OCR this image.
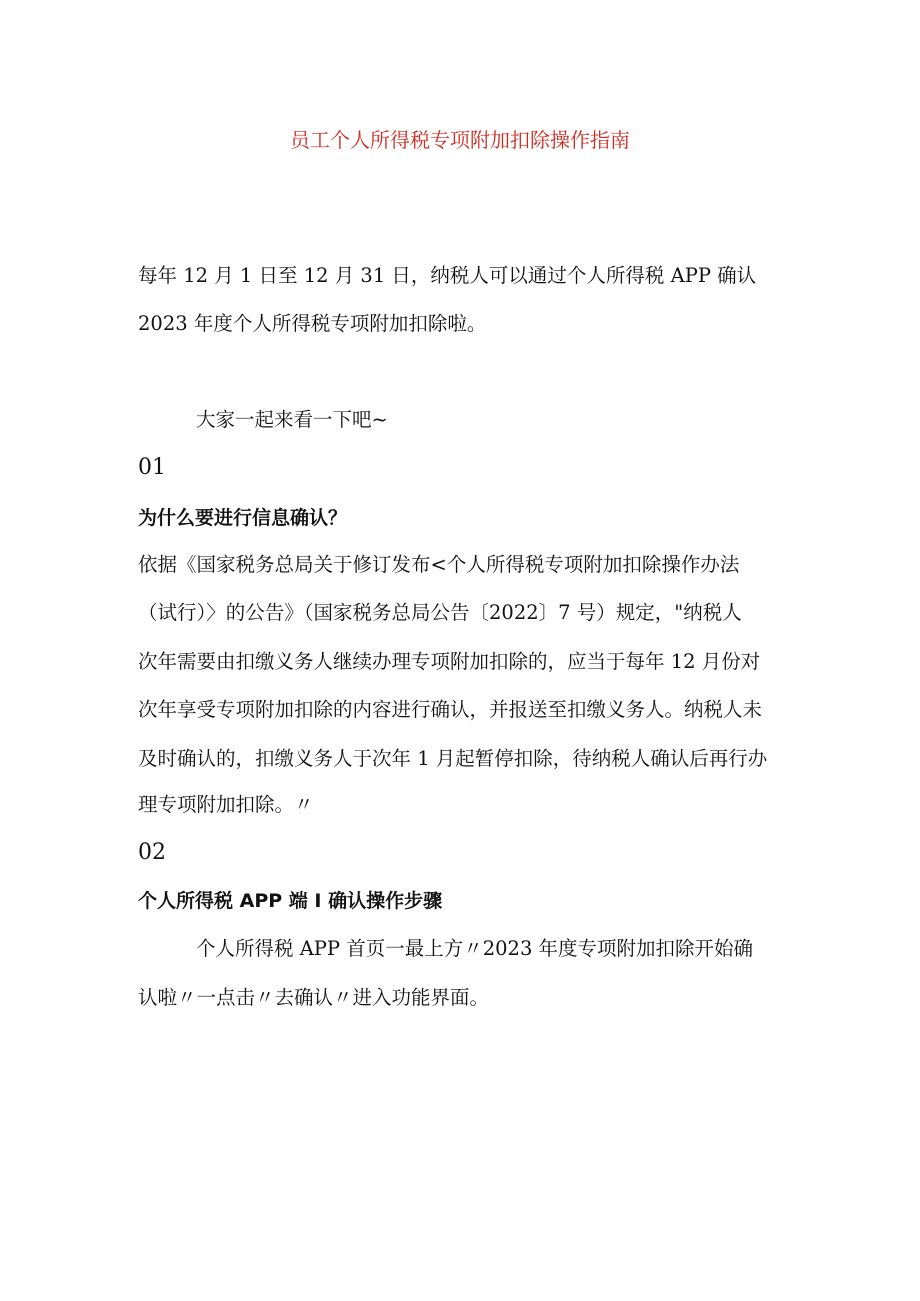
员工个人所得税专项附加扣除操作指南
每年 12 月 1 日至 12 月 31 日，纳税人可以通过个人所得税 APP 确认
2023 年度个人所得税专项附加扣除啦。
大家一起来看一下吧~
01
为什么要进行信息确认？
依据《国家税务总局关于修订发布<个人所得税专项附加扣除操作办法
（试行）〉的公告》（国家税务总局公告〔2022〕7 号）规定，"纳税人
次年需要由扣缴义务人继续办理专项附加扣除的，应当于每年 12 月份对
次年享受专项附加扣除的内容进行确认，并报送至扣缴义务人。纳税人未
及时确认的，扣缴义务人于次年 1 月起暂停扣除，待纳税人确认后再行办
理专项附加扣除。〃
02
个人所得税 APP 端 I 确认操作步骤
个人所得税 APP 首页一最上方〃2023 年度专项附加扣除开始确
认啦〃一点击〃去确认〃进入功能界面。
